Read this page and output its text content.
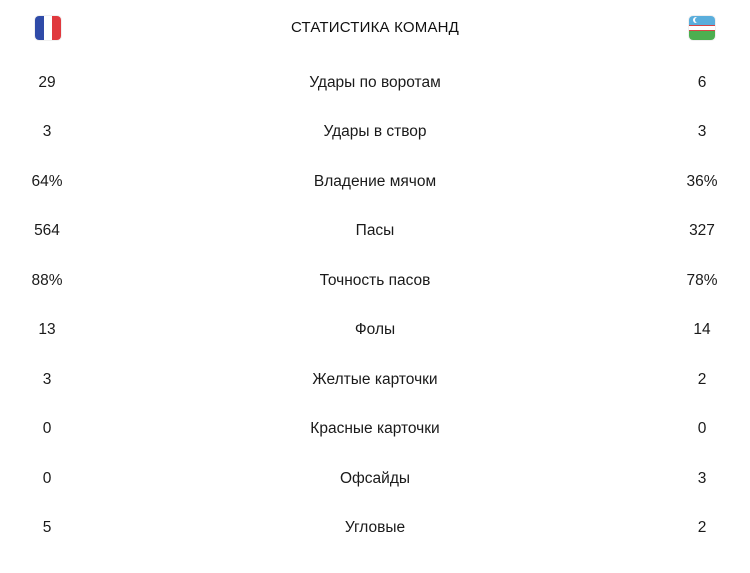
СТАТИСТИКА КОМАНД
29	Удары по воротам	6
3	Удары в створ	3
64%	Владение мячом	36%
564	Пасы	327
88%	Точность пасов	78%
13	Фолы	14
3	Желтые карточки	2
0	Красные карточки	0
0	Офсайды	3
5	Угловые	2
